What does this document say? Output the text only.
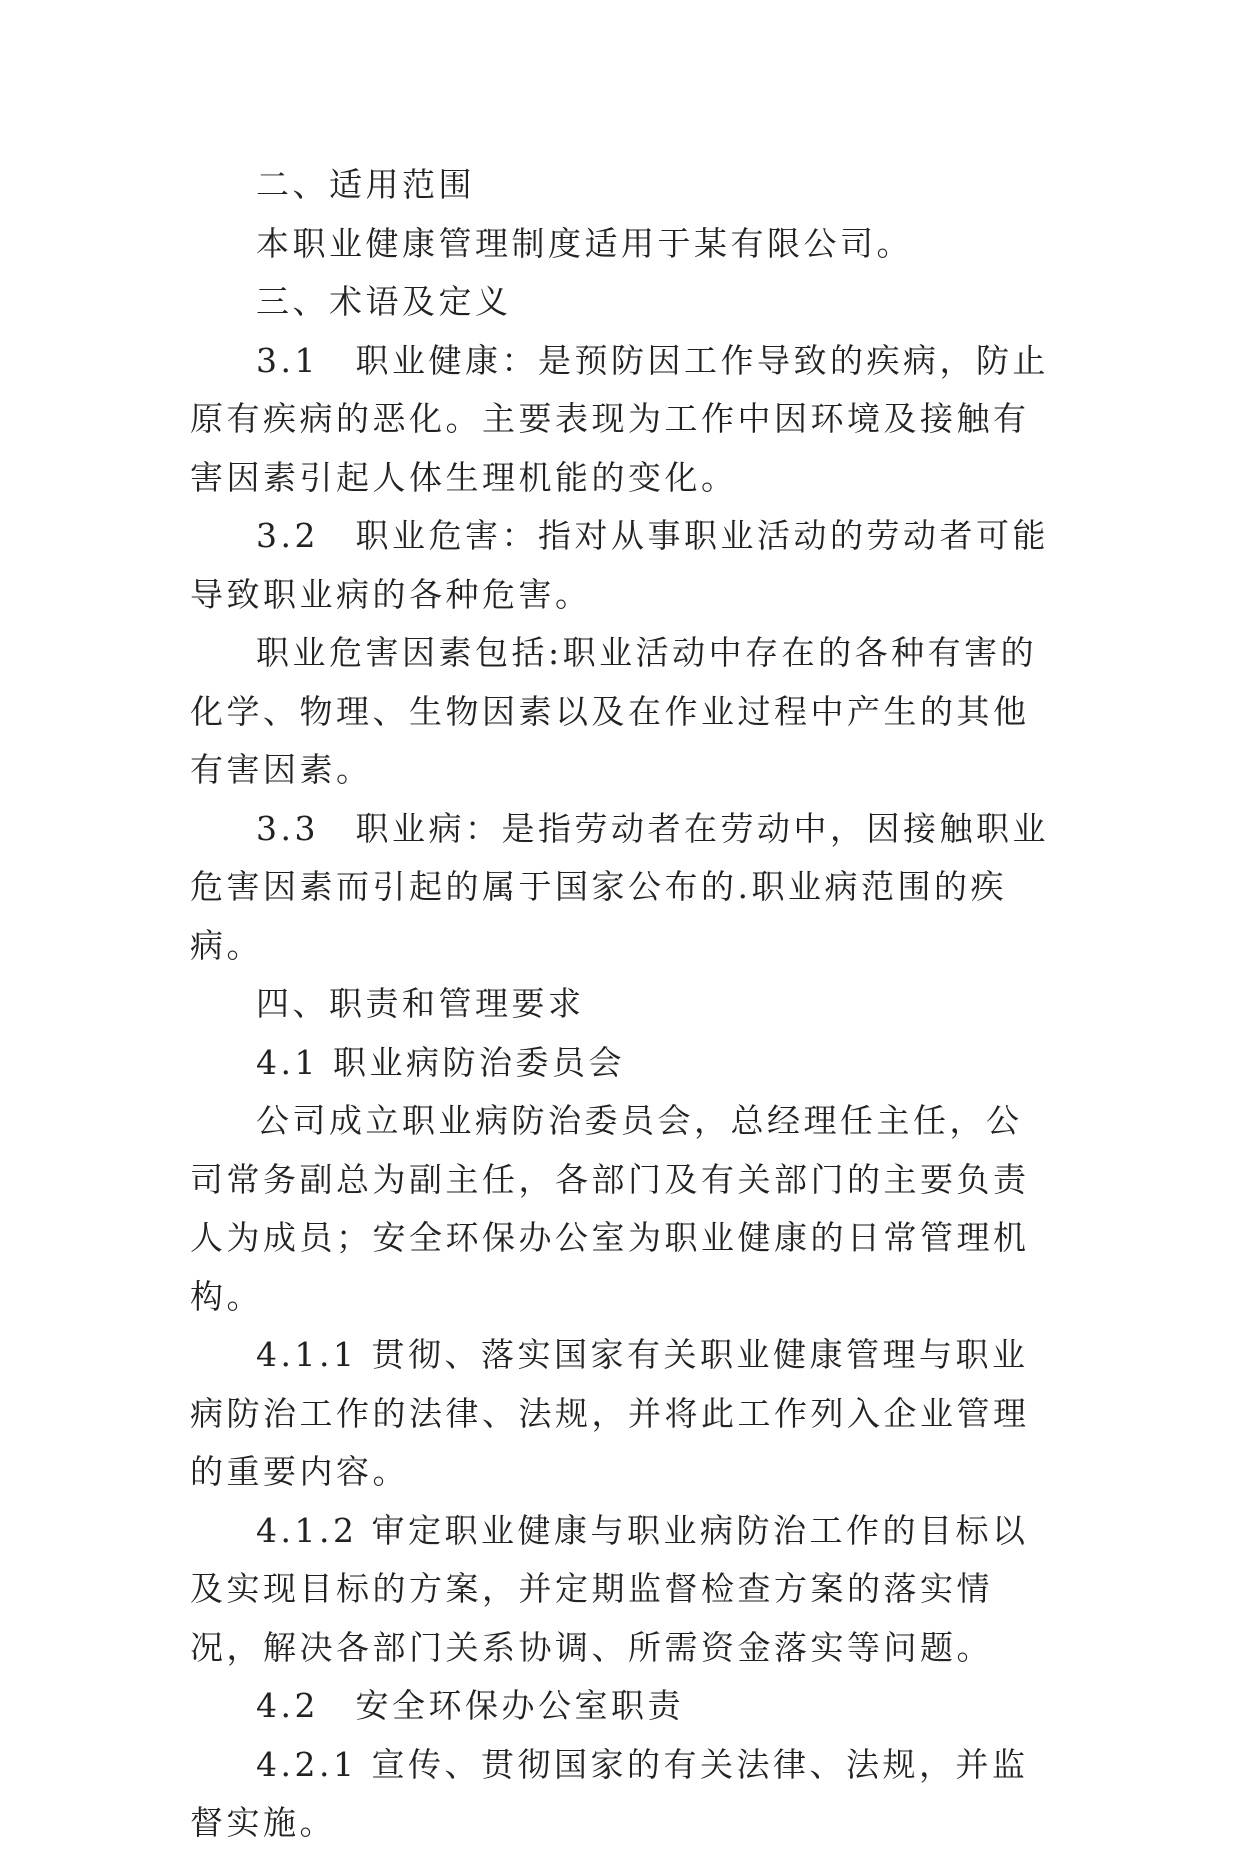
二、适用范围

本职业健康管理制度适用于某有限公司。

三、术语及定义

3.1　职业健康：是预防因工作导致的疾病，防止原有疾病的恶化。主要表现为工作中因环境及接触有害因素引起人体生理机能的变化。

3.2　职业危害：指对从事职业活动的劳动者可能导致职业病的各种危害。

职业危害因素包括:职业活动中存在的各种有害的化学、物理、生物因素以及在作业过程中产生的其他有害因素。

3.3　职业病：是指劳动者在劳动中，因接触职业危害因素而引起的属于国家公布的.职业病范围的疾病。

四、职责和管理要求

4.1 职业病防治委员会

公司成立职业病防治委员会，总经理任主任，公司常务副总为副主任，各部门及有关部门的主要负责人为成员；安全环保办公室为职业健康的日常管理机构。

4.1.1 贯彻、落实国家有关职业健康管理与职业病防治工作的法律、法规，并将此工作列入企业管理的重要内容。

4.1.2 审定职业健康与职业病防治工作的目标以及实现目标的方案，并定期监督检查方案的落实情况，解决各部门关系协调、所需资金落实等问题。

4.2　安全环保办公室职责

4.2.1 宣传、贯彻国家的有关法律、法规，并监督实施。
